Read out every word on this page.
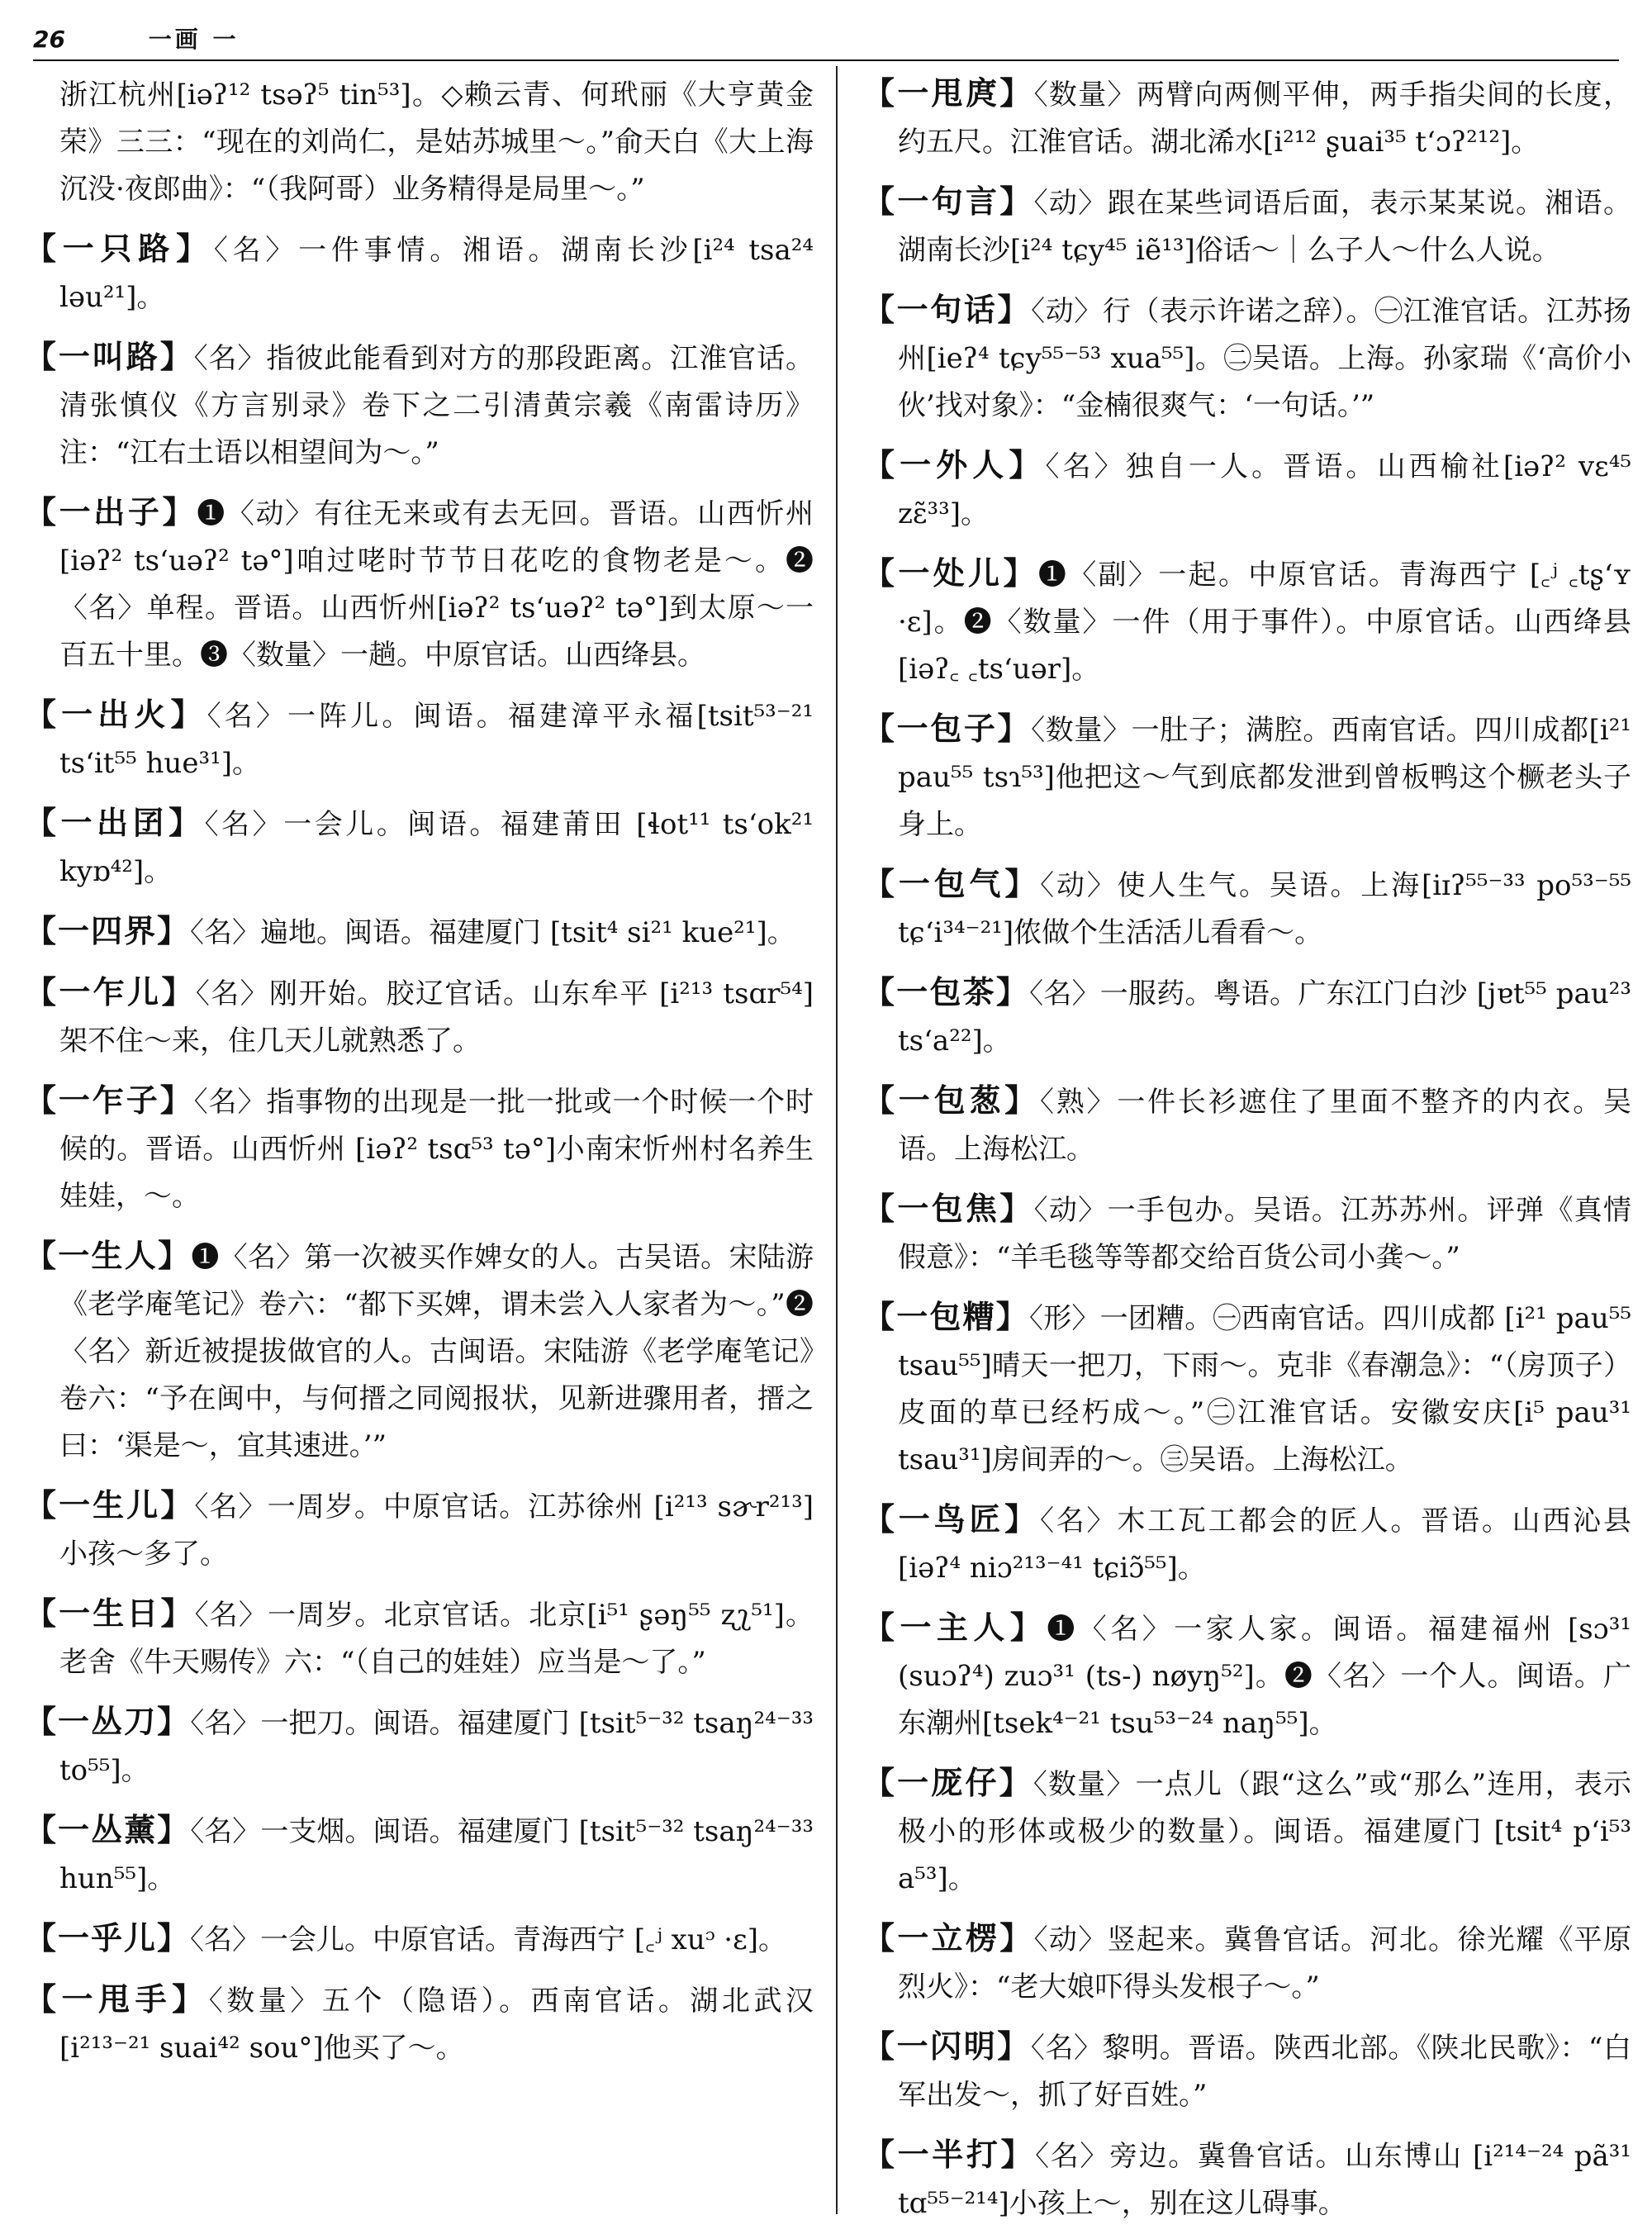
26	一画 一

浙江杭州[iəʔ¹² tsəʔ⁵ tin⁵³]。◇赖云青、何玳丽《大亨黄金荣》三三：“现在的刘尚仁，是姑苏城里～。”俞天白《大上海沉没·夜郎曲》：“（我阿哥）业务精得是局里～。”

【一只路】〈名〉一件事情。湘语。湖南长沙[i²⁴ tsa²⁴ ləu²¹]。

【一叫路】〈名〉指彼此能看到对方的那段距离。江淮官话。清张慎仪《方言别录》卷下之二引清黄宗羲《南雷诗历》注：“江右土语以相望间为～。”

【一出子】❶〈动〉有往无来或有去无回。晋语。山西忻州[iəʔ² tsʻuəʔ² tə°]咱过咾时节节日花吃的食物老是～。❷〈名〉单程。晋语。山西忻州[iəʔ² tsʻuəʔ² tə°]到太原～一百五十里。❸〈数量〉一趟。中原官话。山西绛县。

【一出火】〈名〉一阵儿。闽语。福建漳平永福[tsit⁵³⁻²¹ tsʻit⁵⁵ hue³¹]。

【一出囝】〈名〉一会儿。闽语。福建莆田 [ɬot¹¹ tsʻok²¹ kyɒ⁴²]。

【一四界】〈名〉遍地。闽语。福建厦门 [tsit⁴ si²¹ kue²¹]。

【一乍儿】〈名〉刚开始。胶辽官话。山东牟平 [i²¹³ tsɑr⁵⁴] 架不住～来，住几天儿就熟悉了。

【一乍子】〈名〉指事物的出现是一批一批或一个时候一个时候的。晋语。山西忻州 [iəʔ² tsɑ⁵³ tə°]小南宋忻州村名养生娃娃，～。

【一生人】❶〈名〉第一次被买作婢女的人。古吴语。宋陆游《老学庵笔记》卷六：“都下买婢，谓未尝入人家者为～。”❷〈名〉新近被提拔做官的人。古闽语。宋陆游《老学庵笔记》卷六：“予在闽中，与何搢之同阅报状，见新进骤用者，搢之曰：‘渠是～，宜其速进。’”

【一生儿】〈名〉一周岁。中原官话。江苏徐州 [i²¹³ sɚr²¹³]小孩～多了。

【一生日】〈名〉一周岁。北京官话。北京[i⁵¹ ʂəŋ⁵⁵ ʐʅ⁵¹]。老舍《牛天赐传》六：“（自己的娃娃）应当是～了。”

【一丛刀】〈名〉一把刀。闽语。福建厦门 [tsit⁵⁻³² tsaŋ²⁴⁻³³ to⁵⁵]。

【一丛薰】〈名〉一支烟。闽语。福建厦门 [tsit⁵⁻³² tsaŋ²⁴⁻³³ hun⁵⁵]。

【一乎儿】〈名〉一会儿。中原官话。青海西宁 [꜀ʲ xuᵓ ·ɛ]。

【一甩手】〈数量〉五个（隐语）。西南官话。湖北武汉[i²¹³⁻²¹ suai⁴² sou°]他买了～。

【一甩庹】〈数量〉两臂向两侧平伸，两手指尖间的长度，约五尺。江淮官话。湖北浠水[i²¹² ʂuai³⁵ tʻɔʔ²¹²]。

【一句言】〈动〉跟在某些词语后面，表示某某说。湘语。湖南长沙[i²⁴ tɕy⁴⁵ iẽ¹³]俗话～｜么子人～什么人说。

【一句话】〈动〉行（表示许诺之辞）。㊀江淮官话。江苏扬州[ieʔ⁴ tɕy⁵⁵⁻⁵³ xua⁵⁵]。㊁吴语。上海。孙家瑞《‘高价小伙’找对象》：“金楠很爽气：‘一句话。’”

【一外人】〈名〉独自一人。晋语。山西榆社[iəʔ² vɛ⁴⁵ zɛ̃³³]。

【一处儿】❶〈副〉一起。中原官话。青海西宁 [꜀ʲ ꜀tʂʻʏ ·ɛ]。❷〈数量〉一件（用于事件）。中原官话。山西绛县[iəʔ꜀ ꜀tsʻuər]。

【一包子】〈数量〉一肚子；满腔。西南官话。四川成都[i²¹ pau⁵⁵ tsɿ⁵³]他把这～气到底都发泄到曾板鸭这个橛老头子身上。

【一包气】〈动〉使人生气。吴语。上海[iɪʔ⁵⁵⁻³³ po⁵³⁻⁵⁵ tɕʻi³⁴⁻²¹]侬做个生活活儿看看～。

【一包茶】〈名〉一服药。粤语。广东江门白沙 [jɐt⁵⁵ pau²³ tsʻa²²]。

【一包葱】〈熟〉一件长衫遮住了里面不整齐的内衣。吴语。上海松江。

【一包焦】〈动〉一手包办。吴语。江苏苏州。评弹《真情假意》：“羊毛毯等等都交给百货公司小龚～。”

【一包糟】〈形〉一团糟。㊀西南官话。四川成都 [i²¹ pau⁵⁵ tsau⁵⁵]晴天一把刀，下雨～。克非《春潮急》：“（房顶子）皮面的草已经朽成～。”㊁江淮官话。安徽安庆[i⁵ pau³¹ tsau³¹]房间弄的～。㊂吴语。上海松江。

【一鸟匠】〈名〉木工瓦工都会的匠人。晋语。山西沁县[iəʔ⁴ niɔ²¹³⁻⁴¹ tɕiɔ̃⁵⁵]。

【一主人】❶〈名〉一家人家。闽语。福建福州 [sɔ³¹ (suɔʔ⁴) zuɔ³¹ (ts-) nøyŋ⁵²]。❷〈名〉一个人。闽语。广东潮州[tsek⁴⁻²¹ tsu⁵³⁻²⁴ naŋ⁵⁵]。

【一厐仔】〈数量〉一点儿（跟“这么”或“那么”连用，表示极小的形体或极少的数量）。闽语。福建厦门 [tsit⁴ pʻi⁵³ a⁵³]。

【一立楞】〈动〉竖起来。冀鲁官话。河北。徐光耀《平原烈火》：“老大娘吓得头发根子～。”

【一闪明】〈名〉黎明。晋语。陕西北部。《陕北民歌》：“白军出发～，抓了好百姓。”

【一半打】〈名〉旁边。冀鲁官话。山东博山 [i²¹⁴⁻²⁴ pã³¹ tɑ⁵⁵⁻²¹⁴]小孩上～，别在这儿碍事。
